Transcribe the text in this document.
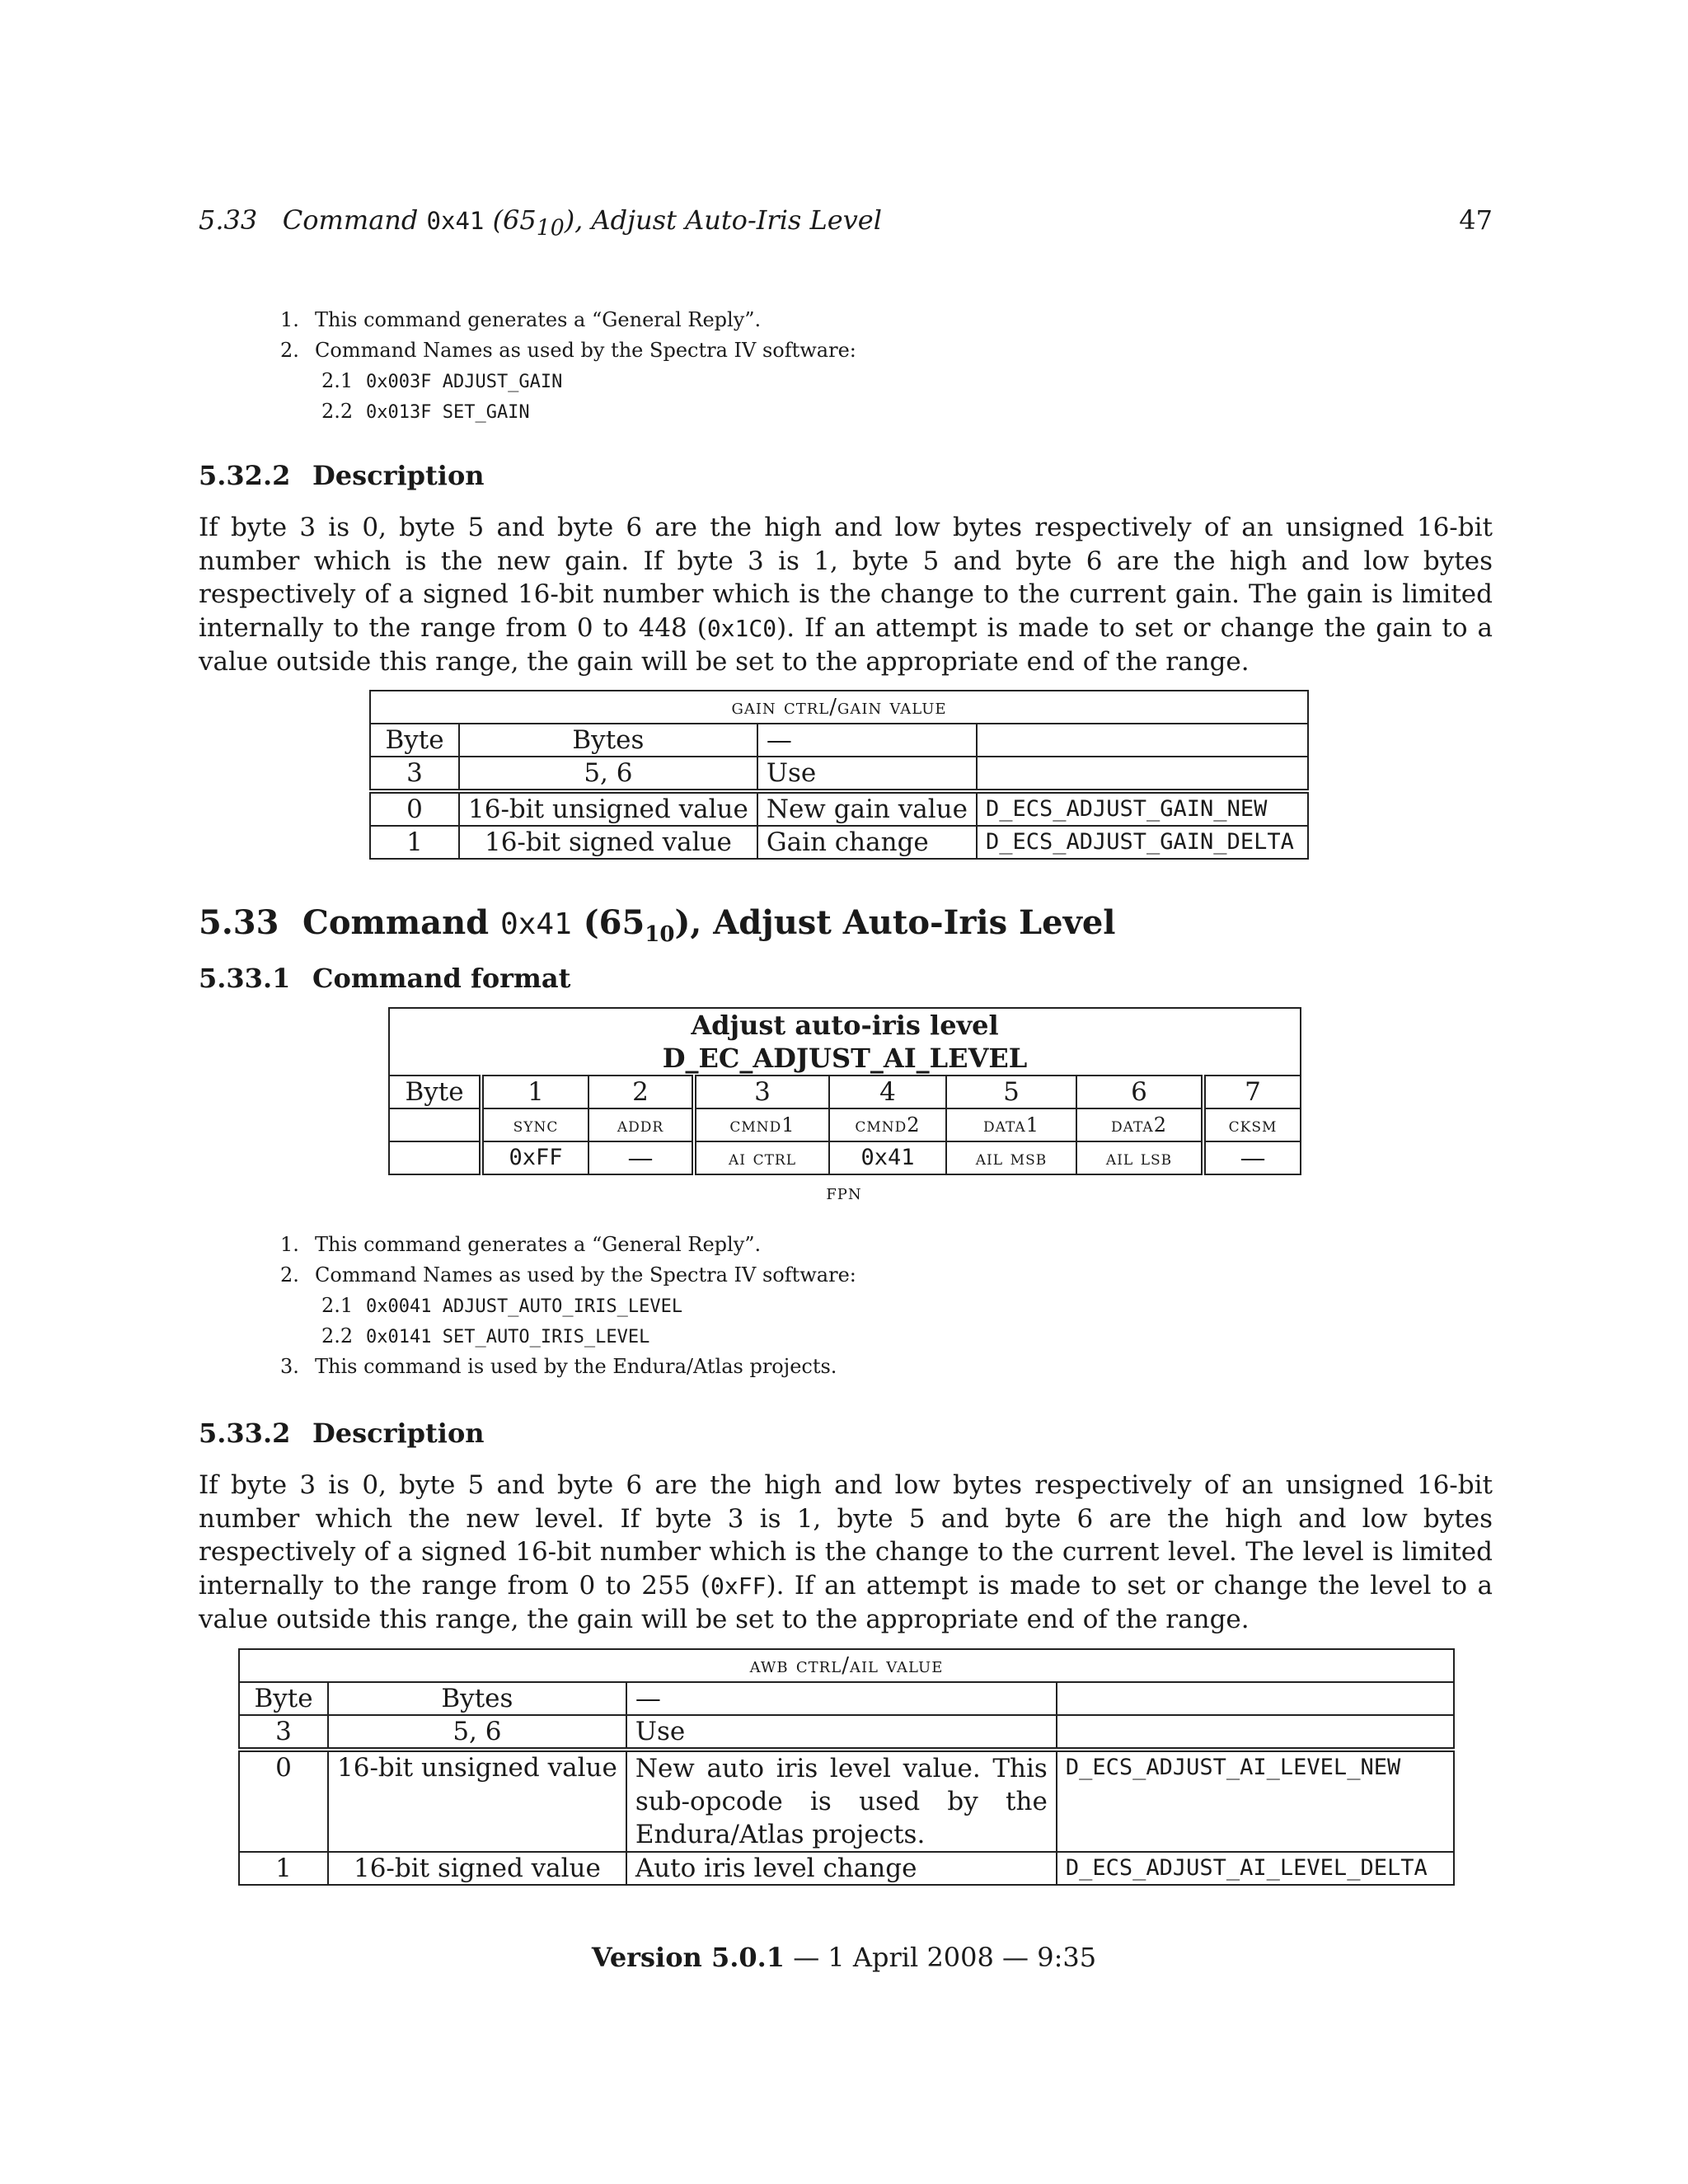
5.33 Command 0x41 $(65_{10})$, Adjust Auto-Iris Level	47
1. This command generates a “General Reply”.
2. Command Names as used by the Spectra IV software:
2.1 0x003F ADJUST_GAIN
2.2 0x013F SET_GAIN
5.32.2 Description

If byte 3 is 0, byte 5 and byte 6 are the high and low bytes respectively of an unsigned 16-bit number which is the new gain. If byte 3 is 1, byte 5 and byte 6 are the high and low bytes respectively of a signed 16-bit number which is the change to the current gain. The gain is limited internally to the range from 0 to 448 (0x1C0). If an attempt is made to set or change the gain to a value outside this range, the gain will be set to the appropriate end of the range.

gain ctrl/gain value			
Byte	Bytes	—	
3	5, 6	Use	
0	16-bit unsigned value	New gain value	D_ECS_ADJUST_GAIN_NEW
1	16-bit signed value	Gain change	D_ECS_ADJUST_GAIN_DELTA
5.33 Command 0x41 $(65_{10})$, Adjust Auto-Iris Level
5.33.1 Command format
Adjust auto-iris level
D_EC_ADJUST_AI_LEVEL							
Byte	1	2	3	4	5	6	7
	sync	addr	cmnd1	cmnd2	data1	data2	cksm
	0xFF	—	ai ctrl	0x41	ail msb	ail lsb	—
fpn
1. This command generates a “General Reply”.
2. Command Names as used by the Spectra IV software:
2.1 0x0041 ADJUST_AUTO_IRIS_LEVEL
2.2 0x0141 SET_AUTO_IRIS_LEVEL
3. This command is used by the Endura/Atlas projects.
5.33.2 Description

If byte 3 is 0, byte 5 and byte 6 are the high and low bytes respectively of an unsigned 16-bit number which the new level. If byte 3 is 1, byte 5 and byte 6 are the high and low bytes respectively of a signed 16-bit number which is the change to the current level. The level is limited internally to the range from 0 to 255 (0xFF). If an attempt is made to set or change the level to a value outside this range, the gain will be set to the appropriate end of the range.

awb ctrl/ail value			
Byte	Bytes	—	
3	5, 6	Use	
0	16-bit unsigned value	New auto iris level value. This sub-opcode is used by the Endura/Atlas projects.	D_ECS_ADJUST_AI_LEVEL_NEW
1	16-bit signed value	Auto iris level change	D_ECS_ADJUST_AI_LEVEL_DELTA
Version 5.0.1 — 1 April 2008 — 9:35
